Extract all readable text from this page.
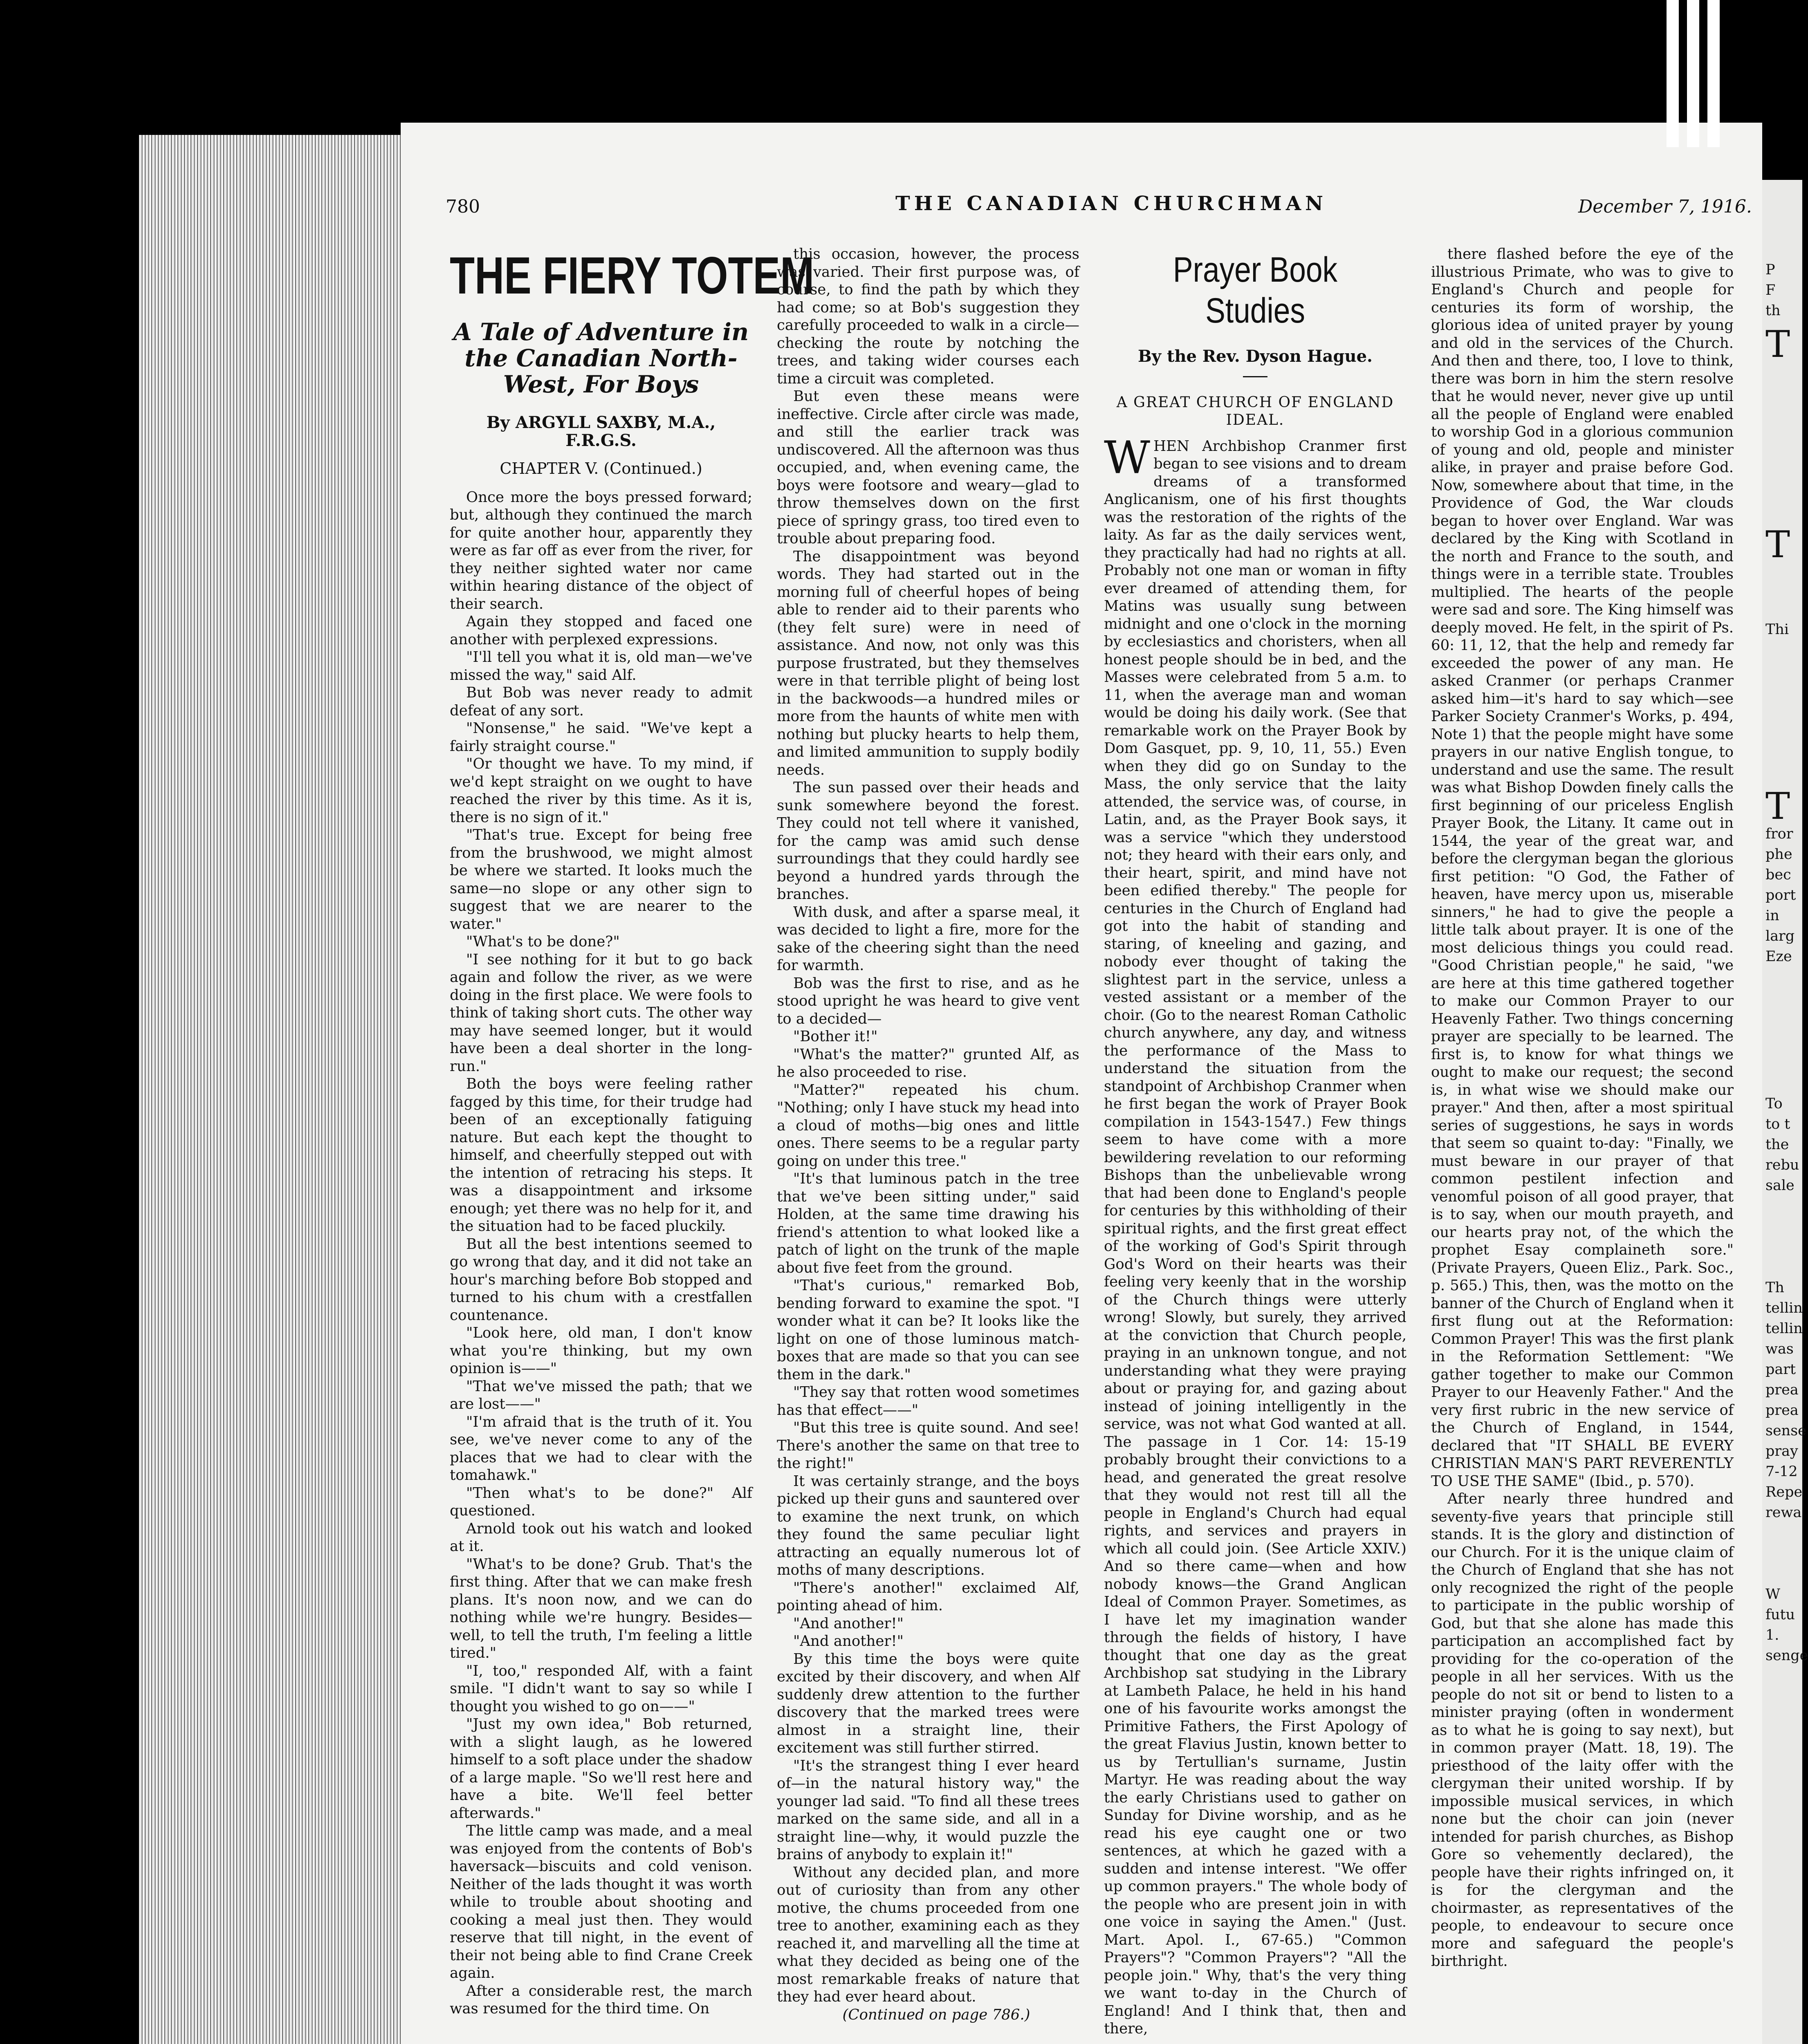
780	THE CANADIAN CHURCHMAN	December 7, 1916.
THE FIERY TOTEM
A Tale of Adventure in the Canadian North-West, For Boys
By ARGYLL SAXBY, M.A., F.R.G.S.
CHAPTER V. (Continued.)

Once more the boys pressed forward; but, although they continued the march for quite another hour, apparently they were as far off as ever from the river, for they neither sighted water nor came within hearing distance of the object of their search.

Again they stopped and faced one another with perplexed expressions.

"I'll tell you what it is, old man—we've missed the way," said Alf.

But Bob was never ready to admit defeat of any sort.

"Nonsense," he said. "We've kept a fairly straight course."

"Or thought we have. To my mind, if we'd kept straight on we ought to have reached the river by this time. As it is, there is no sign of it."

"That's true. Except for being free from the brushwood, we might almost be where we started. It looks much the same—no slope or any other sign to suggest that we are nearer to the water."

"What's to be done?"

"I see nothing for it but to go back again and follow the river, as we were doing in the first place. We were fools to think of taking short cuts. The other way may have seemed longer, but it would have been a deal shorter in the long-run."

Both the boys were feeling rather fagged by this time, for their trudge had been of an exceptionally fatiguing nature. But each kept the thought to himself, and cheerfully stepped out with the intention of retracing his steps. It was a disappointment and irksome enough; yet there was no help for it, and the situation had to be faced pluckily.

But all the best intentions seemed to go wrong that day, and it did not take an hour's marching before Bob stopped and turned to his chum with a crestfallen countenance.

"Look here, old man, I don't know what you're thinking, but my own opinion is——"

"That we've missed the path; that we are lost——"

"I'm afraid that is the truth of it. You see, we've never come to any of the places that we had to clear with the tomahawk."

"Then what's to be done?" Alf questioned.

Arnold took out his watch and looked at it.

"What's to be done? Grub. That's the first thing. After that we can make fresh plans. It's noon now, and we can do nothing while we're hungry. Besides—well, to tell the truth, I'm feeling a little tired."

"I, too," responded Alf, with a faint smile. "I didn't want to say so while I thought you wished to go on——"

"Just my own idea," Bob returned, with a slight laugh, as he lowered himself to a soft place under the shadow of a large maple. "So we'll rest here and have a bite. We'll feel better afterwards."

The little camp was made, and a meal was enjoyed from the contents of Bob's haversack—biscuits and cold venison. Neither of the lads thought it was worth while to trouble about shooting and cooking a meal just then. They would reserve that till night, in the event of their not being able to find Crane Creek again.

After a considerable rest, the march was resumed for the third time. On

this occasion, however, the process was varied. Their first purpose was, of course, to find the path by which they had come; so at Bob's suggestion they carefully proceeded to walk in a circle—checking the route by notching the trees, and taking wider courses each time a circuit was completed.

But even these means were ineffective. Circle after circle was made, and still the earlier track was undiscovered. All the afternoon was thus occupied, and, when evening came, the boys were footsore and weary—glad to throw themselves down on the first piece of springy grass, too tired even to trouble about preparing food.

The disappointment was beyond words. They had started out in the morning full of cheerful hopes of being able to render aid to their parents who (they felt sure) were in need of assistance. And now, not only was this purpose frustrated, but they themselves were in that terrible plight of being lost in the backwoods—a hundred miles or more from the haunts of white men with nothing but plucky hearts to help them, and limited ammunition to supply bodily needs.

The sun passed over their heads and sunk somewhere beyond the forest. They could not tell where it vanished, for the camp was amid such dense surroundings that they could hardly see beyond a hundred yards through the branches.

With dusk, and after a sparse meal, it was decided to light a fire, more for the sake of the cheering sight than the need for warmth.

Bob was the first to rise, and as he stood upright he was heard to give vent to a decided—

"Bother it!"

"What's the matter?" grunted Alf, as he also proceeded to rise.

"Matter?" repeated his chum. "Nothing; only I have stuck my head into a cloud of moths—big ones and little ones. There seems to be a regular party going on under this tree."

"It's that luminous patch in the tree that we've been sitting under," said Holden, at the same time drawing his friend's attention to what looked like a patch of light on the trunk of the maple about five feet from the ground.

"That's curious," remarked Bob, bending forward to examine the spot. "I wonder what it can be? It looks like the light on one of those luminous match-boxes that are made so that you can see them in the dark."

"They say that rotten wood sometimes has that effect——"

"But this tree is quite sound. And see! There's another the same on that tree to the right!"

It was certainly strange, and the boys picked up their guns and sauntered over to examine the next trunk, on which they found the same peculiar light attracting an equally numerous lot of moths of many descriptions.

"There's another!" exclaimed Alf, pointing ahead of him.

"And another!"

"And another!"

By this time the boys were quite excited by their discovery, and when Alf suddenly drew attention to the further discovery that the marked trees were almost in a straight line, their excitement was still further stirred.

"It's the strangest thing I ever heard of—in the natural history way," the younger lad said. "To find all these trees marked on the same side, and all in a straight line—why, it would puzzle the brains of anybody to explain it!"

Without any decided plan, and more out of curiosity than from any other motive, the chums proceeded from one tree to another, examining each as they reached it, and marvelling all the time at what they decided as being one of the most remarkable freaks of nature that they had ever heard about.

(Continued on page 786.)

Prayer Book Studies
By the Rev. Dyson Hague.
A GREAT CHURCH OF ENGLAND IDEAL.

WHEN Archbishop Cranmer first began to see visions and to dream dreams of a transformed Anglicanism, one of his first thoughts was the restoration of the rights of the laity. As far as the daily services went, they practically had had no rights at all. Probably not one man or woman in fifty ever dreamed of attending them, for Matins was usually sung between midnight and one o'clock in the morning by ecclesiastics and choristers, when all honest people should be in bed, and the Masses were celebrated from 5 a.m. to 11, when the average man and woman would be doing his daily work. (See that remarkable work on the Prayer Book by Dom Gasquet, pp. 9, 10, 11, 55.) Even when they did go on Sunday to the Mass, the only service that the laity attended, the service was, of course, in Latin, and, as the Prayer Book says, it was a service "which they understood not; they heard with their ears only, and their heart, spirit, and mind have not been edified thereby." The people for centuries in the Church of England had got into the habit of standing and staring, of kneeling and gazing, and nobody ever thought of taking the slightest part in the service, unless a vested assistant or a member of the choir. (Go to the nearest Roman Catholic church anywhere, any day, and witness the performance of the Mass to understand the situation from the standpoint of Archbishop Cranmer when he first began the work of Prayer Book compilation in 1543-1547.) Few things seem to have come with a more bewildering revelation to our reforming Bishops than the unbelievable wrong that had been done to England's people for centuries by this withholding of their spiritual rights, and the first great effect of the working of God's Spirit through God's Word on their hearts was their feeling very keenly that in the worship of the Church things were utterly wrong! Slowly, but surely, they arrived at the conviction that Church people, praying in an unknown tongue, and not understanding what they were praying about or praying for, and gazing about instead of joining intelligently in the service, was not what God wanted at all. The passage in 1 Cor. 14: 15-19 probably brought their convictions to a head, and generated the great resolve that they would not rest till all the people in England's Church had equal rights, and services and prayers in which all could join. (See Article XXIV.) And so there came—when and how nobody knows—the Grand Anglican Ideal of Common Prayer. Sometimes, as I have let my imagination wander through the fields of history, I have thought that one day as the great Archbishop sat studying in the Library at Lambeth Palace, he held in his hand one of his favourite works amongst the Primitive Fathers, the First Apology of the great Flavius Justin, known better to us by Tertullian's surname, Justin Martyr. He was reading about the way the early Christians used to gather on Sunday for Divine worship, and as he read his eye caught one or two sentences, at which he gazed with a sudden and intense interest. "We offer up common prayers." The whole body of the people who are present join in with one voice in saying the Amen." (Just. Mart. Apol. I., 67-65.) "Common Prayers"? "Common Prayers"? "All the people join." Why, that's the very thing we want to-day in the Church of England! And I think that, then and there,

there flashed before the eye of the illustrious Primate, who was to give to England's Church and people for centuries its form of worship, the glorious idea of united prayer by young and old in the services of the Church. And then and there, too, I love to think, there was born in him the stern resolve that he would never, never give up until all the people of England were enabled to worship God in a glorious communion of young and old, people and minister alike, in prayer and praise before God. Now, somewhere about that time, in the Providence of God, the War clouds began to hover over England. War was declared by the King with Scotland in the north and France to the south, and things were in a terrible state. Troubles multiplied. The hearts of the people were sad and sore. The King himself was deeply moved. He felt, in the spirit of Ps. 60: 11, 12, that the help and remedy far exceeded the power of any man. He asked Cranmer (or perhaps Cranmer asked him—it's hard to say which—see Parker Society Cranmer's Works, p. 494, Note 1) that the people might have some prayers in our native English tongue, to understand and use the same. The result was what Bishop Dowden finely calls the first beginning of our priceless English Prayer Book, the Litany. It came out in 1544, the year of the great war, and before the clergyman began the glorious first petition: "O God, the Father of heaven, have mercy upon us, miserable sinners," he had to give the people a little talk about prayer. It is one of the most delicious things you could read. "Good Christian people," he said, "we are here at this time gathered together to make our Common Prayer to our Heavenly Father. Two things concerning prayer are specially to be learned. The first is, to know for what things we ought to make our request; the second is, in what wise we should make our prayer." And then, after a most spiritual series of suggestions, he says in words that seem so quaint to-day: "Finally, we must beware in our prayer of that common pestilent infection and venomful poison of all good prayer, that is to say, when our mouth prayeth, and our hearts pray not, of the which the prophet Esay complaineth sore." (Private Prayers, Queen Eliz., Park. Soc., p. 565.) This, then, was the motto on the banner of the Church of England when it first flung out at the Reformation: Common Prayer! This was the first plank in the Reformation Settlement: "We gather together to make our Common Prayer to our Heavenly Father." And the very first rubric in the new service of the Church of England, in 1544, declared that "IT SHALL BE EVERY CHRISTIAN MAN'S PART REVERENTLY TO USE THE SAME" (Ibid., p. 570).

After nearly three hundred and seventy-five years that principle still stands. It is the glory and distinction of our Church. For it is the unique claim of the Church of England that she has not only recognized the right of the people to participate in the public worship of God, but that she alone has made this participation an accomplished fact by providing for the co-operation of the people in all her services. With us the people do not sit or bend to listen to a minister praying (often in wonderment as to what he is going to say next), but in common prayer (Matt. 18, 19). The priesthood of the laity offer with the clergyman their united worship. If by impossible musical services, in which none but the choir can join (never intended for parish churches, as Bishop Gore so vehemently declared), the people have their rights infringed on, it is for the clergyman and the choirmaster, as representatives of the people, to endeavour to secure once more and safeguard the people's birthright.

P
F
th
T
T
Thi
T
fror
phe
bec
port
in
larg
Eze
To
to t
the
rebu
sale
Th
tellin
tellin
was
part
prea
prea
sense
pray
7-12
Repe
rewa
W
futu
1.
senge
